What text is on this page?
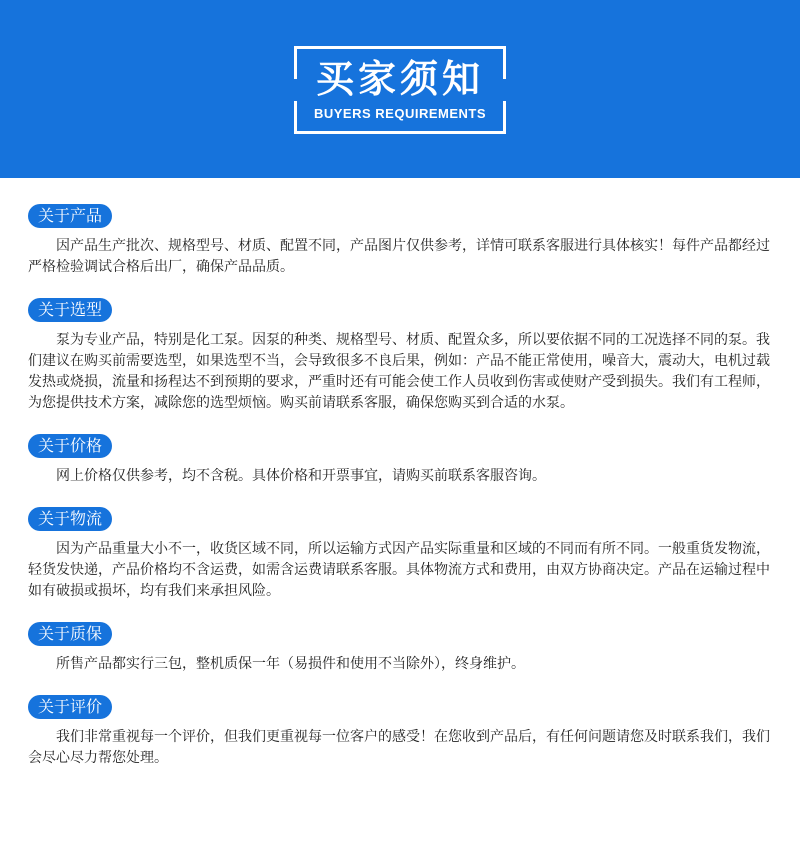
买家须知
BUYERS REQUIREMENTS
关于产品

因产品生产批次、规格型号、材质、配置不同，产品图片仅供参考，详情可联系客服进行具体核实！每件产品都经过严格检验调试合格后出厂，确保产品品质。

关于选型

泵为专业产品，特别是化工泵。因泵的种类、规格型号、材质、配置众多，所以要依据不同的工况选择不同的泵。我们建议在购买前需要选型，如果选型不当，会导致很多不良后果，例如：产品不能正常使用，噪音大，震动大，电机过载发热或烧损，流量和扬程达不到预期的要求，严重时还有可能会使工作人员收到伤害或使财产受到损失。我们有工程师，为您提供技术方案，减除您的选型烦恼。购买前请联系客服，确保您购买到合适的水泵。

关于价格

网上价格仅供参考，均不含税。具体价格和开票事宜，请购买前联系客服咨询。

关于物流

因为产品重量大小不一，收货区域不同，所以运输方式因产品实际重量和区域的不同而有所不同。一般重货发物流，轻货发快递，产品价格均不含运费，如需含运费请联系客服。具体物流方式和费用，由双方协商决定。产品在运输过程中如有破损或损坏，均有我们来承担风险。

关于质保

所售产品都实行三包，整机质保一年（易损件和使用不当除外），终身维护。

关于评价

我们非常重视每一个评价，但我们更重视每一位客户的感受！在您收到产品后，有任何问题请您及时联系我们，我们会尽心尽力帮您处理。
